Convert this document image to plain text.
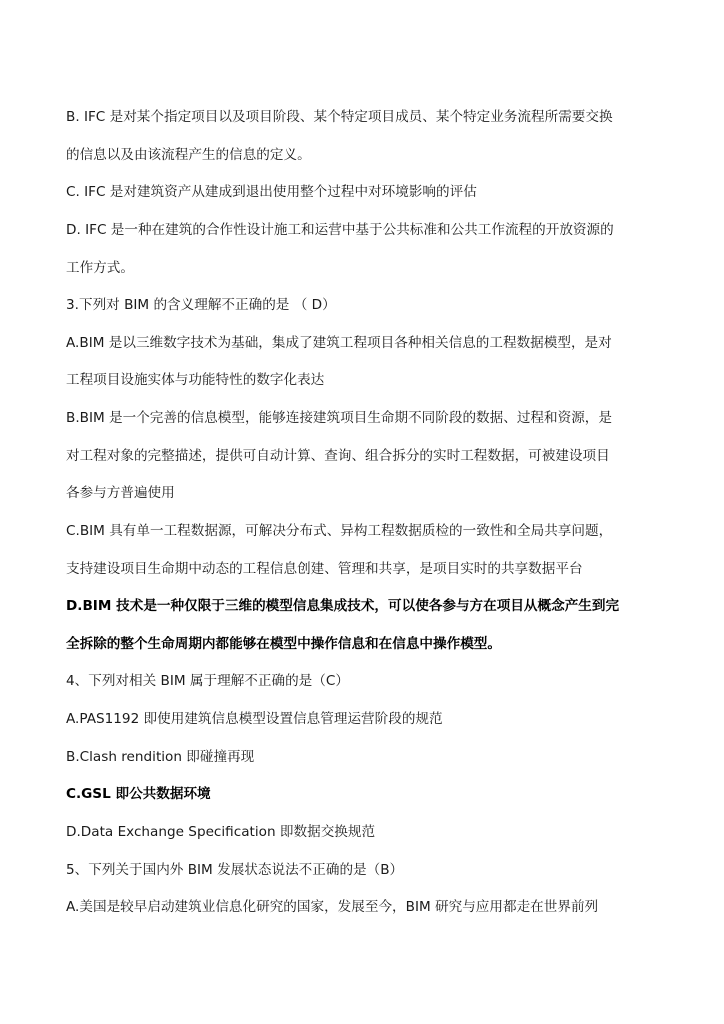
B. IFC 是对某个指定项目以及项目阶段、某个特定项目成员、某个特定业务流程所需要交换
的信息以及由该流程产生的信息的定义。
C. IFC 是对建筑资产从建成到退出使用整个过程中对环境影响的评估
D. IFC 是一种在建筑的合作性设计施工和运营中基于公共标准和公共工作流程的开放资源的
工作方式。
3.下列对 BIM 的含义理解不正确的是 （ D）
A.BIM 是以三维数字技术为基础，集成了建筑工程项目各种相关信息的工程数据模型，是对
工程项目设施实体与功能特性的数字化表达
B.BIM 是一个完善的信息模型，能够连接建筑项目生命期不同阶段的数据、过程和资源，是
对工程对象的完整描述，提供可自动计算、查询、组合拆分的实时工程数据，可被建设项目
各参与方普遍使用
C.BIM 具有单一工程数据源，可解决分布式、异构工程数据质检的一致性和全局共享问题，
支持建设项目生命期中动态的工程信息创建、管理和共享，是项目实时的共享数据平台
D.BIM 技术是一种仅限于三维的模型信息集成技术，可以使各参与方在项目从概念产生到完
全拆除的整个生命周期内都能够在模型中操作信息和在信息中操作模型。
4、下列对相关 BIM 属于理解不正确的是（C）
A.PAS1192 即使用建筑信息模型设置信息管理运营阶段的规范
B.Clash rendition 即碰撞再现
C.GSL 即公共数据环境
D.Data Exchange Specification 即数据交换规范
5、下列关于国内外 BIM 发展状态说法不正确的是（B）
A.美国是较早启动建筑业信息化研究的国家，发展至今，BIM 研究与应用都走在世界前列
